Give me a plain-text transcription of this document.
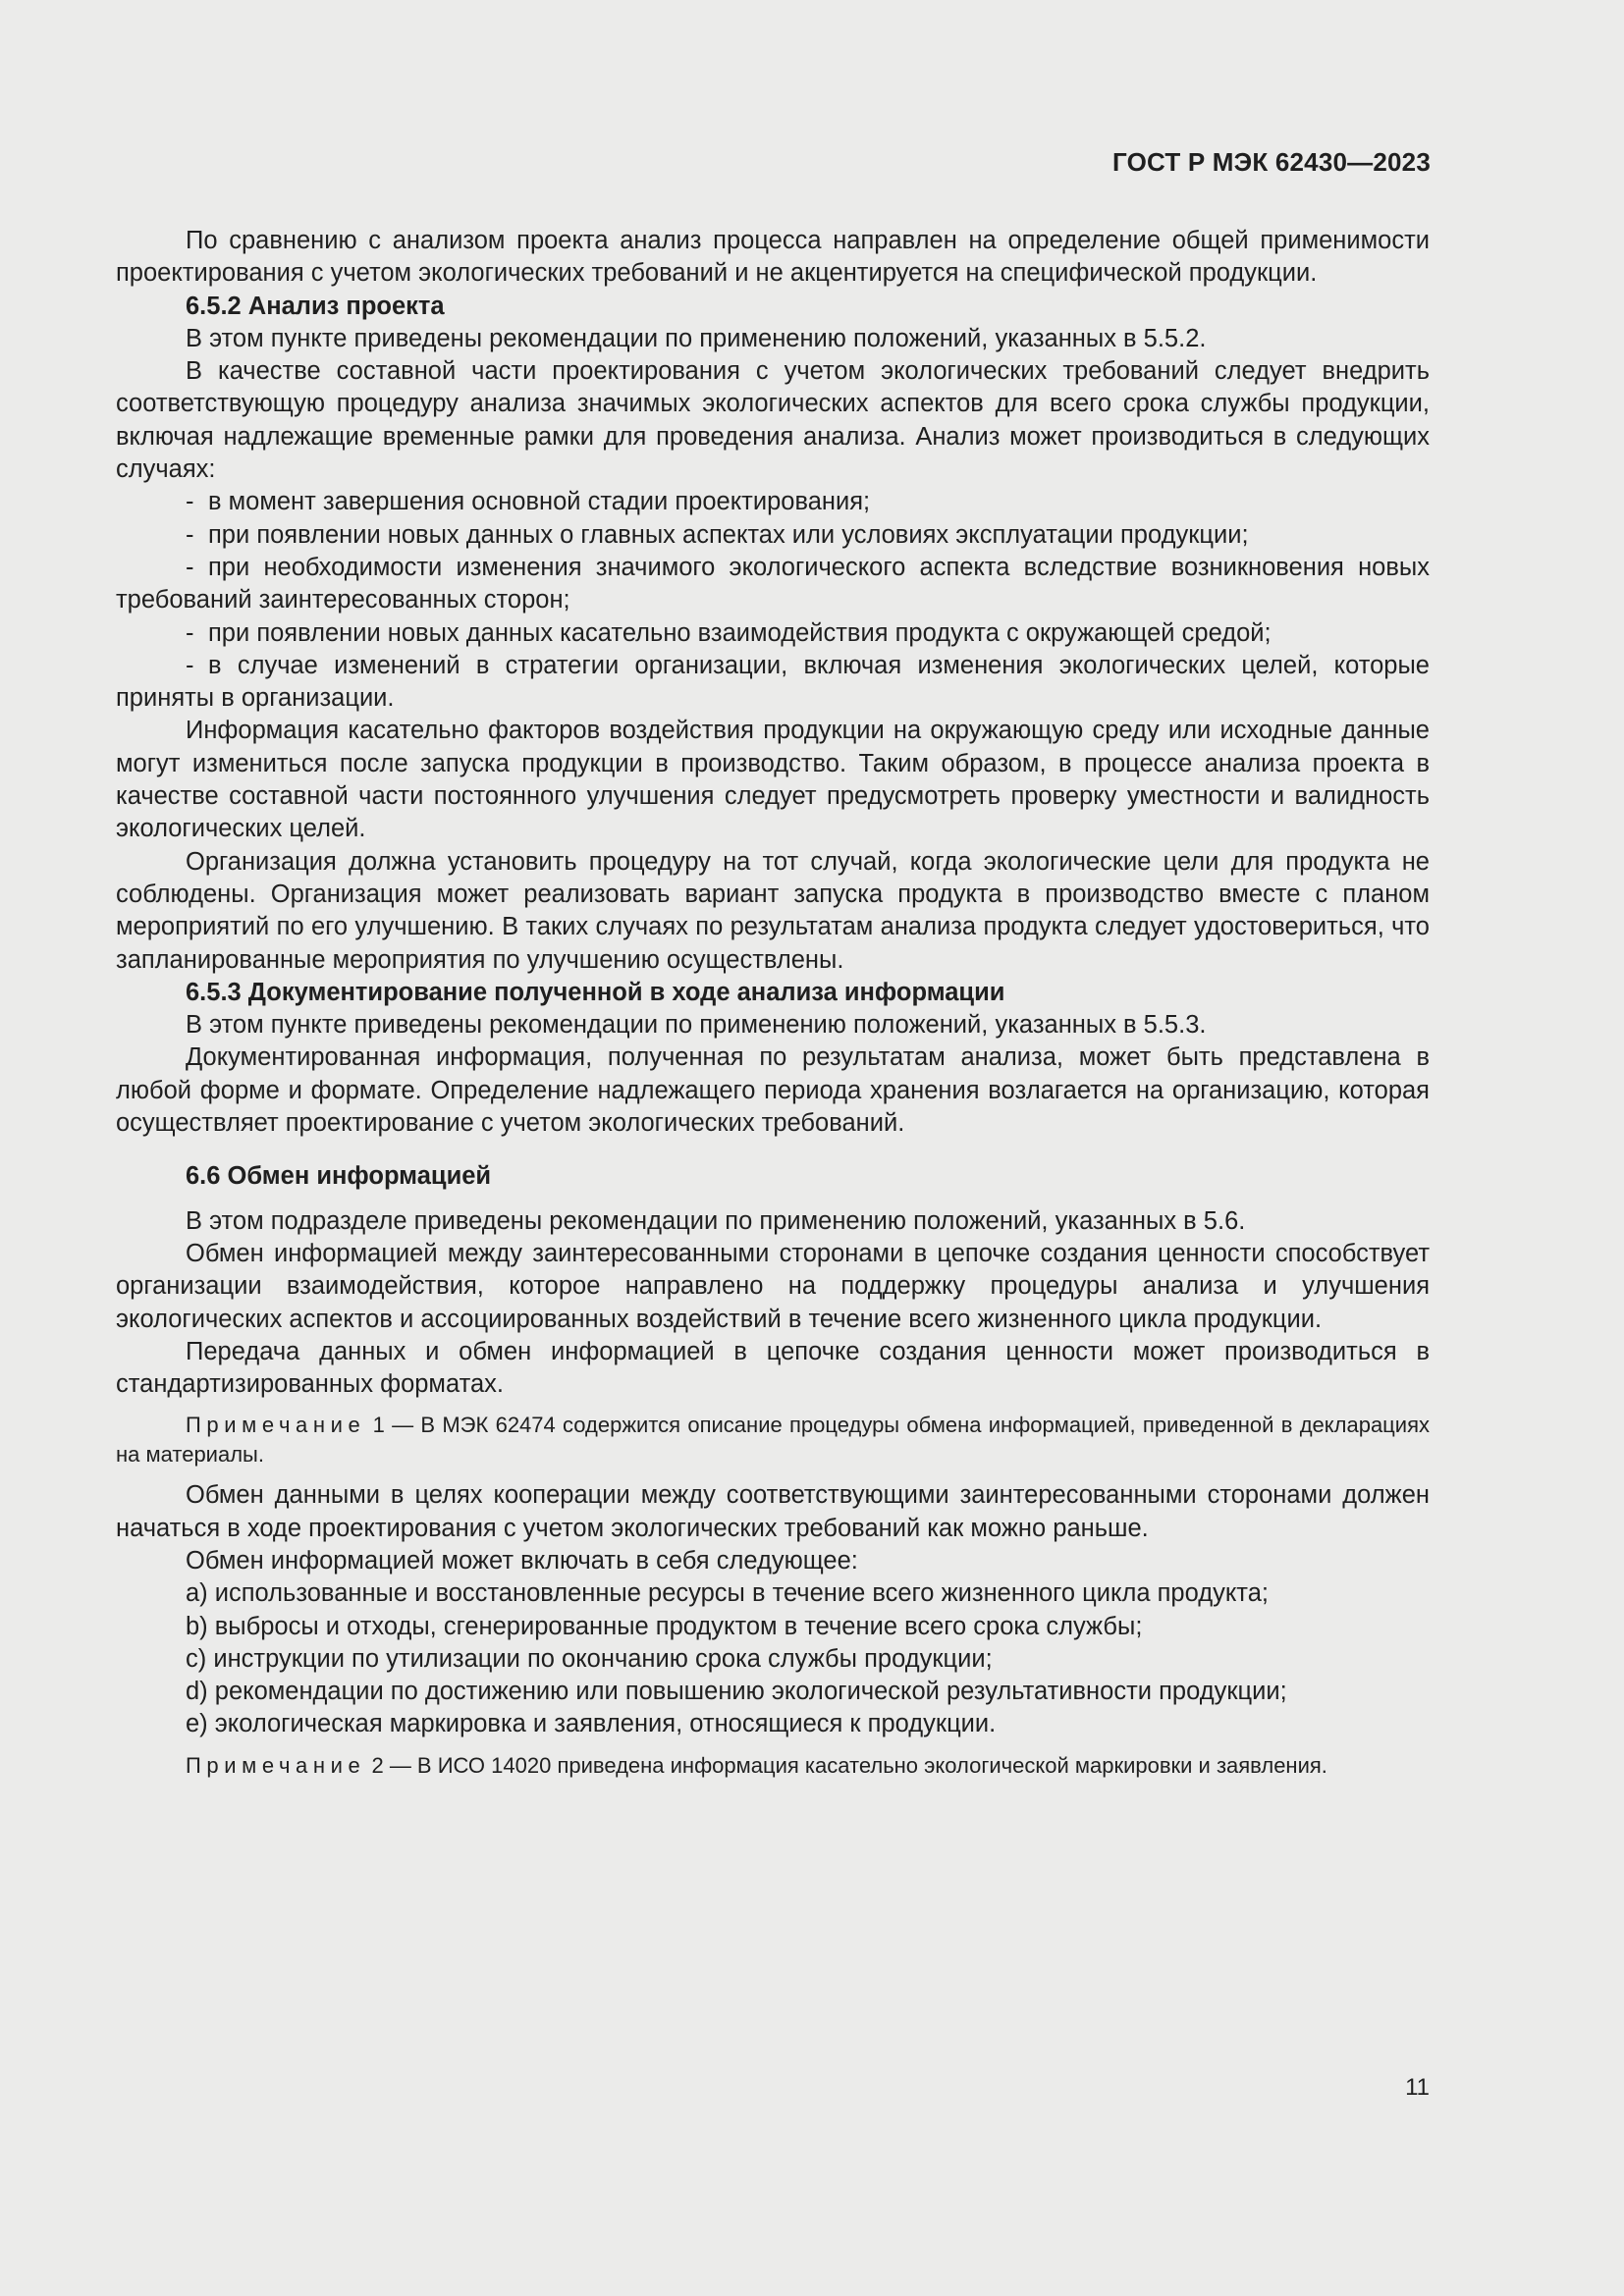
ГОСТ Р МЭК 62430—2023

По сравнению с анализом проекта анализ процесса направлен на определение общей применимости проектирования с учетом экологических требований и не акцентируется на специфической продукции.

6.5.2 Анализ проекта

В этом пункте приведены рекомендации по применению положений, указанных в 5.5.2.

В качестве составной части проектирования с учетом экологических требований следует внедрить соответствующую процедуру анализа значимых экологических аспектов для всего срока службы продукции, включая надлежащие временные рамки для проведения анализа. Анализ может производиться в следующих случаях:

- в момент завершения основной стадии проектирования;

- при появлении новых данных о главных аспектах или условиях эксплуатации продукции;

- при необходимости изменения значимого экологического аспекта вследствие возникновения новых требований заинтересованных сторон;

- при появлении новых данных касательно взаимодействия продукта с окружающей средой;

- в случае изменений в стратегии организации, включая изменения экологических целей, которые приняты в организации.

Информация касательно факторов воздействия продукции на окружающую среду или исходные данные могут измениться после запуска продукции в производство. Таким образом, в процессе анализа проекта в качестве составной части постоянного улучшения следует предусмотреть проверку уместности и валидность экологических целей.

Организация должна установить процедуру на тот случай, когда экологические цели для продукта не соблюдены. Организация может реализовать вариант запуска продукта в производство вместе с планом мероприятий по его улучшению. В таких случаях по результатам анализа продукта следует удостовериться, что запланированные мероприятия по улучшению осуществлены.

6.5.3 Документирование полученной в ходе анализа информации

В этом пункте приведены рекомендации по применению положений, указанных в 5.5.3.

Документированная информация, полученная по результатам анализа, может быть представлена в любой форме и формате. Определение надлежащего периода хранения возлагается на организацию, которая осуществляет проектирование с учетом экологических требований.

6.6 Обмен информацией

В этом подразделе приведены рекомендации по применению положений, указанных в 5.6.

Обмен информацией между заинтересованными сторонами в цепочке создания ценности способствует организации взаимодействия, которое направлено на поддержку процедуры анализа и улучшения экологических аспектов и ассоциированных воздействий в течение всего жизненного цикла продукции.

Передача данных и обмен информацией в цепочке создания ценности может производиться в стандартизированных форматах.

Примечание 1 — В МЭК 62474 содержится описание процедуры обмена информацией, приведенной в декларациях на материалы.

Обмен данными в целях кооперации между соответствующими заинтересованными сторонами должен начаться в ходе проектирования с учетом экологических требований как можно раньше.

Обмен информацией может включать в себя следующее:

a) использованные и восстановленные ресурсы в течение всего жизненного цикла продукта;

b) выбросы и отходы, сгенерированные продуктом в течение всего срока службы;

c) инструкции по утилизации по окончанию срока службы продукции;

d) рекомендации по достижению или повышению экологической результативности продукции;

e) экологическая маркировка и заявления, относящиеся к продукции.

Примечание 2 — В ИСО 14020 приведена информация касательно экологической маркировки и заявления.

11
